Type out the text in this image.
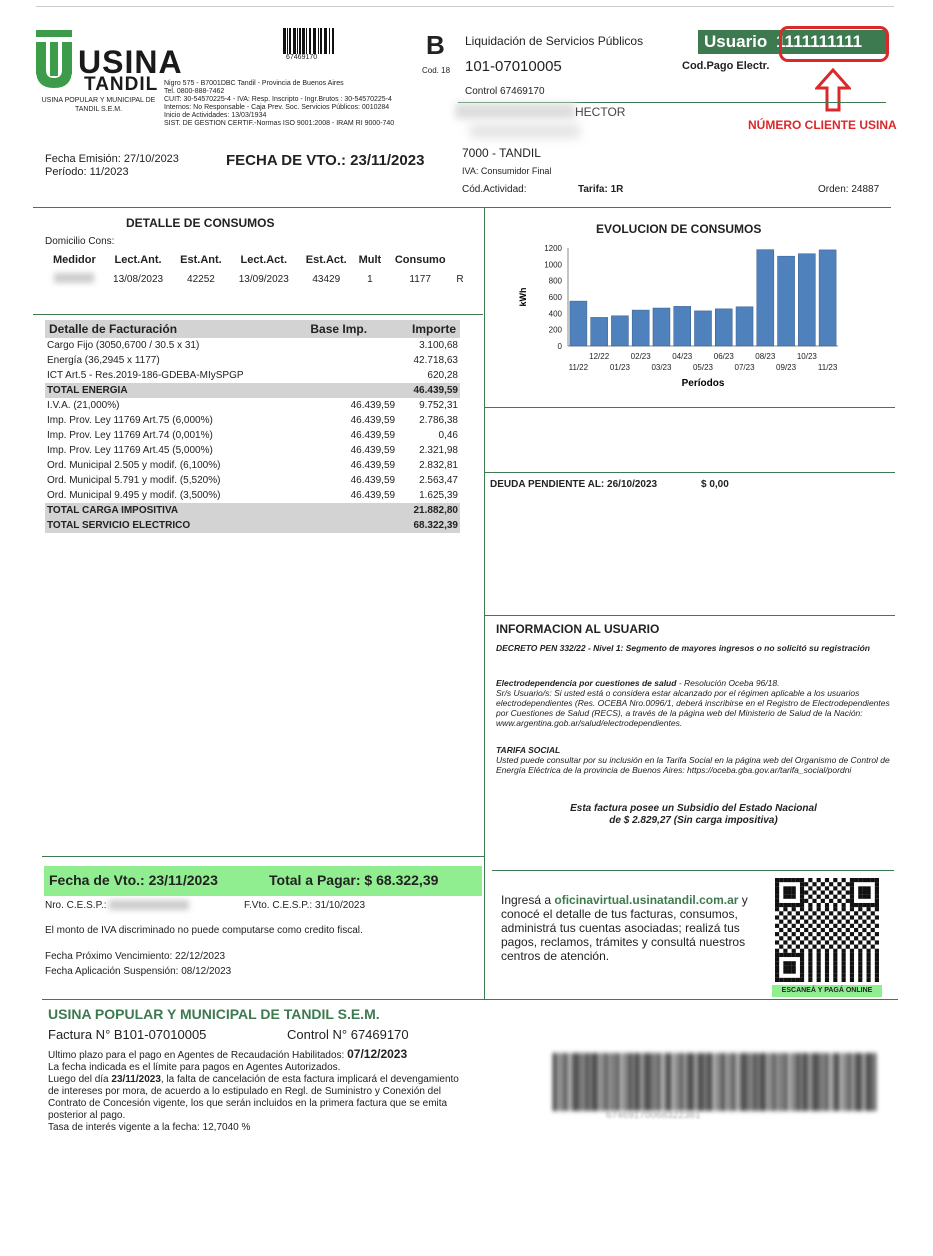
USINA
TANDIL
USINA POPULAR Y MUNICIPAL DE TANDIL S.E.M.
Nigro 575 - B7001DBC Tandil - Provincia de Buenos Aires
Tel. 0800-888-7462
CUIT: 30-54570225-4 - IVA: Resp. Inscripto - Ingr.Brutos : 30-54570225-4
Internos: No Responsable - Caja Prev. Soc. Servicios Públicos: 0010284
Inicio de Actividades: 13/03/1934
SIST. DE GESTION CERTIF.-Normas ISO 9001:2008 - IRAM RI 9000-740
67469170	B
Cod. 18
Liquidación de Servicios Públicos
101-07010005
Control 67469170
Usuario 1111111111
Cod.Pago Electr.
NÚMERO CLIENTE USINA
HECTOR
7000 - TANDIL
IVA: Consumidor Final
Cód.Actividad:	Tarifa: 1R	Orden: 24887
Fecha Emisión: 27/10/2023
Período: 11/2023
FECHA DE VTO.: 23/11/2023
DETALLE DE CONSUMOS
Domicilio Cons:
Medidor	Lect.Ant.	Est.Ant.	Lect.Act.	Est.Act.	Mult	Consumo	
	13/08/2023	42252	13/09/2023	43429	1	1177	R
Detalle de Facturación	Base Imp.	Importe
Cargo Fijo (3050,6700 / 30.5 x 31)		3.100,68
Energía (36,2945 x 1177)		42.718,63
ICT Art.5 - Res.2019-186-GDEBA-MIySPGP		620,28
TOTAL ENERGIA		46.439,59
I.V.A. (21,000%)	46.439,59	9.752,31
Imp. Prov. Ley 11769 Art.75 (6,000%)	46.439,59	2.786,38
Imp. Prov. Ley 11769 Art.74 (0,001%)	46.439,59	0,46
Imp. Prov. Ley 11769 Art.45 (5,000%)	46.439,59	2.321,98
Ord. Municipal 2.505 y modif. (6,100%)	46.439,59	2.832,81
Ord. Municipal 5.791 y modif. (5,520%)	46.439,59	2.563,47
Ord. Municipal 9.495 y modif. (3,500%)	46.439,59	1.625,39
TOTAL CARGA IMPOSITIVA		21.882,80
TOTAL SERVICIO ELECTRICO		68.322,39
EVOLUCION DE CONSUMOS
0
200
400
600
800
1000
1200
kWh
11/22
12/22
01/23
02/23
03/23
04/23
05/23
06/23
07/23
08/23
09/23
10/23
11/23
Períodos
DEUDA PENDIENTE AL: 26/10/2023	$ 0,00
INFORMACION AL USUARIO
DECRETO PEN 332/22 - Nivel 1: Segmento de mayores ingresos o no solicitó su registración
Electrodependencia por cuestiones de salud - Resolución Oceba 96/18.
Sr/s Usuario/s: Si usted está o considera estar alcanzado por el régimen aplicable a los usuarios electrodependientes (Res. OCEBA Nro.0096/1, deberá inscribirse en el Registro de Electrodependientes por Cuestiones de Salud (RECS), a través de la página web del Ministerio de Salud de la Nación: www.argentina.gob.ar/salud/electrodependientes.
TARIFA SOCIAL
Usted puede consultar por su inclusión en la Tarifa Social en la página web del Organismo de Control de Energía Eléctrica de la provincia de Buenos Aires: https://oceba.gba.gov.ar/tarifa_social/pordni
Esta factura posee un Subsidio del Estado Nacional
de $ 2.829,27 (Sin carga impositiva)
Fecha de Vto.: 23/11/2023	Total a Pagar: $ 68.322,39
Nro. C.E.S.P.:	F.Vto. C.E.S.P.: 31/10/2023
El monto de IVA discriminado no puede computarse como credito fiscal.
Fecha Próximo Vencimiento: 22/12/2023
Fecha Aplicación Suspensión: 08/12/2023
Ingresá a oficinavirtual.usinatandil.com.ar y conocé el detalle de tus facturas, consumos, administrá tus cuentas asociadas; realizá tus pagos, reclamos, trámites y consultá nuestros centros de atención.
ESCANEÁ Y PAGÁ ONLINE
USINA POPULAR Y MUNICIPAL DE TANDIL S.E.M.
Factura N° B101-07010005	Control N° 67469170
Ultimo plazo para el pago en Agentes de Recaudación Habilitados: 07/12/2023
La fecha indicada es el límite para pagos en Agentes Autorizados.
Luego del día 23/11/2023, la falta de cancelación de esta factura implicará el devengamiento de intereses por mora, de acuerdo a lo estipulado en Regl. de Suministro y Conexión del Contrato de Concesión vigente, los que serán incluidos en la primera factura que se emita posterior al pago.
Tasa de interés vigente a la fecha: 12,7040 %
67469170068322381
